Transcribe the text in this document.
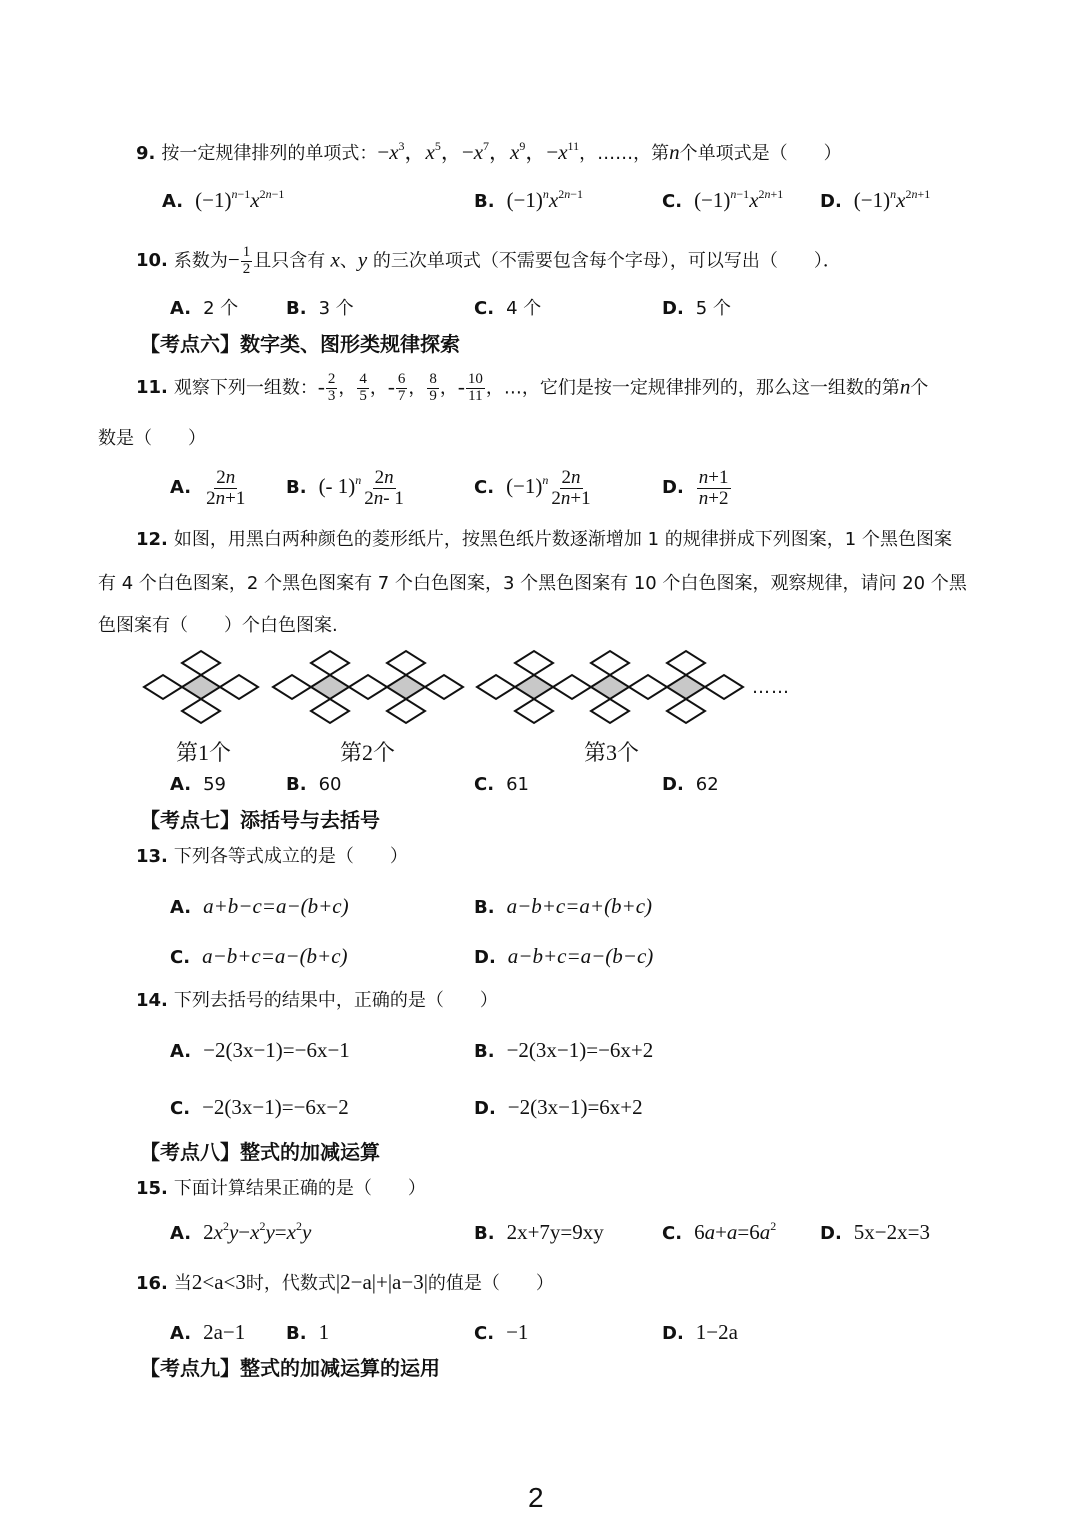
9. 按一定规律排列的单项式：$-x^3$，$x^5$，$-x^7$，$x^9$，$-x^{11}$，……，第n个单项式是（　　）
A. $(-1)^{n-1}x^{2n-1}$	B. $(-1)^nx^{2n-1}$	C. $(-1)^{n-1}x^{2n+1}$ D. $(-1)^nx^{2n+1}$
10. 系数为− $\frac{1}{2}$ 且只含有 x、y 的三次单项式（不需要包含每个字母），可以写出（　　）．
A. 2 个	B. 3 个	C. 4 个	D. 5 个
【考点六】数字类、图形类规律探索
11. 观察下列一组数：- $\frac{2}{3}$ ， $\frac{4}{5}$ ，- $\frac{6}{7}$ ， $\frac{8}{9}$ ，- $\frac{10}{11}$ ，…，它们是按一定规律排列的，那么这一组数的第n个
数是（　　）
A. $\frac{2n}{2n+1} B$. (- $1)^n \frac{2n}{2n- 1}$	C. $(-1)^n \frac{2n}{2n+1}$	D. $\frac{n+1}{n+2}$
12. 如图，用黑白两种颜色的菱形纸片，按黑色纸片数逐渐增加 1 的规律拼成下列图案，1 个黑色图案
有 4 个白色图案，2 个黑色图案有 7 个白色图案，3 个黑色图案有 10 个白色图案，观察规律，请问 20 个黑
色图案有（　　）个白色图案.
……
第1个	第2个	第3个
A. 59	B. 60	C. 61	D. 62
【考点七】添括号与去括号
13. 下列各等式成立的是（　　）
A. a+b−c=a−(b+c)	B. a−b+c=a+(b+c)
C. a−b+c=a−(b+c)	D. a−b+c=a−(b−c)
14. 下列去括号的结果中，正确的是（　　）
A. −2(3x−1)=−6x−1	B. −2(3x−1)=−6x+2
C. −2(3x−1)=−6x−2	D. −2(3x−1)=6x+2
【考点八】整式的加减运算
15. 下面计算结果正确的是（　　）
A. $2x^2y-x^2y=x^2y$	B. 2x+7y=9xy	C. $6a+a=6a^2$ D. 5x−2x=3
16. 当2<a<3时，代数式|2−a|+|a−3|的值是（　　）
A. 2a−1 B. 1	C. −1	D. 1−2a
【考点九】整式的加减运算的运用
2
